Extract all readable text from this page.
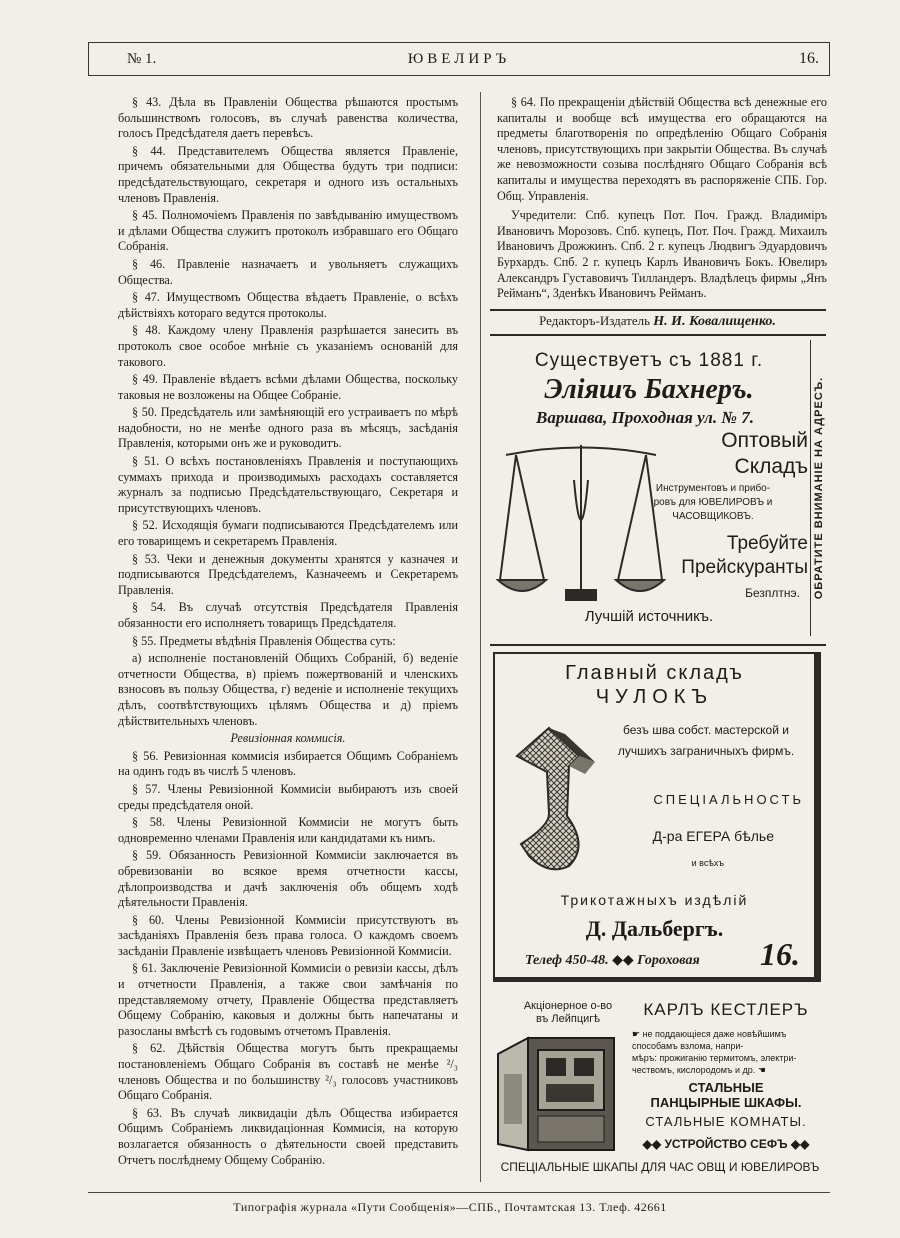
№ 1.	ЮВЕЛИРЪ	16.

§ 43. Дѣла въ Правленіи Общества рѣшаются простымъ большинствомъ голосовъ, въ случаѣ равенства количества, голосъ Предсѣдателя даетъ перевѣсъ.

§ 44. Представителемъ Общества является Правленіе, причемъ обязательными для Общества будутъ три подписи: предсѣдательствующаго, секретаря и одного изъ остальныхъ членовъ Правленія.

§ 45. Полномочіемъ Правленія по завѣдыванію имуществомъ и дѣлами Общества служитъ протоколъ избравшаго его Общаго Собранія.

§ 46. Правленіе назначаетъ и увольняетъ служащихъ Общества.

§ 47. Имуществомъ Общества вѣдаетъ Правленіе, о всѣхъ дѣйствіяхъ котораго ведутся протоколы.

§ 48. Каждому члену Правленія разрѣшается занесить въ протоколъ свое особое мнѣніе съ указаніемъ основаній для такового.

§ 49. Правленіе вѣдаетъ всѣми дѣлами Общества, поскольку таковыя не возложены на Общее Собраніе.

§ 50. Предсѣдатель или замѣняющій его устраиваетъ по мѣрѣ надобности, но не менѣе одного раза въ мѣсяцъ, засѣданія Правленія, которыми онъ же и руководитъ.

§ 51. О всѣхъ постановленіяхъ Правленія и поступающихъ суммахъ прихода и производимыхъ расходахъ составляется журналъ за подписью Предсѣдательствующаго, Секретаря и присутствующихъ членовъ.

§ 52. Исходящія бумаги подписываются Предсѣдателемъ или его товарищемъ и секретаремъ Правленія.

§ 53. Чеки и денежныя документы хранятся у казначея и подписываются Предсѣдателемъ, Казначеемъ и Секретаремъ Правленія.

§ 54. Въ случаѣ отсутствія Предсѣдателя Правленія обязанности его исполняетъ товарищъ Предсѣдателя.

§ 55. Предметы вѣдѣнія Правленія Общества суть:

а) исполненіе постановленій Общихъ Собраній, б) веденіе отчетности Общества, в) пріемъ пожертвованій и членскихъ взносовъ въ пользу Общества, г) веденіе и исполненіе текущихъ дѣлъ, соотвѣтствующихъ цѣлямъ Общества и д) пріемъ дѣйствительныхъ членовъ.

Ревизіонная коммисія.

§ 56. Ревизіонная коммисія избирается Общимъ Собраніемъ на одинъ годъ въ числѣ 5 членовъ.

§ 57. Члены Ревизіонной Коммисіи выбираютъ изъ своей среды предсѣдателя оной.

§ 58. Члены Ревизіонной Коммисіи не могутъ быть одновременно членами Правленія или кандидатами къ нимъ.

§ 59. Обязанность Ревизіонной Коммисіи заключается въ обревизованіи во всякое время отчетности кассы, дѣлопроизводства и дачѣ заключенія объ общемъ ходѣ дѣятельности Правленія.

§ 60. Члены Ревизіонной Коммисіи присутствуютъ въ засѣданіяхъ Правленія безъ права голоса. О каждомъ своемъ засѣданіи Правленіе извѣщаетъ членовъ Ревизіонной Коммисіи.

§ 61. Заключеніе Ревизіонной Коммисіи о ревизіи кассы, дѣлъ и отчетности Правленія, а также свои замѣчанія по представляемому отчету, Правленіе Общества представляетъ Общему Собранію, каковыя и должны быть напечатаны и разосланы вмѣстѣ съ годовымъ отчетомъ Правленія.

§ 62. Дѣйствія Общества могутъ быть прекращаемы постановленіемъ Общаго Собранія въ составѣ не менѣе ²/₃ членовъ Общества и по большинству ²/₃ голосовъ участниковъ Общаго Собранія.

§ 63. Въ случаѣ ликвидаціи дѣлъ Общества избирается Общимъ Собраніемъ ликвидаціонная Коммисія, на которую возлагается обязанность о дѣятельности своей представить Отчетъ послѣднему Общему Собранію.

§ 64. По прекращеніи дѣйствій Общества всѣ денежные его капиталы и вообще всѣ имущества его обращаются на предметы благотворенія по опредѣленію Общаго Собранія членовъ, присутствующихъ при закрытіи Общества. Въ случаѣ же невозможности созыва послѣдняго Общаго Собранія всѣ капиталы и имущества переходятъ въ распоряженіе СПБ. Гор. Общ. Управленія.

Учредители: Спб. купецъ Пот. Поч. Гражд. Владиміръ Ивановичъ Морозовъ. Спб. купецъ, Пот. Поч. Гражд. Михаилъ Ивановичъ Дрожжинъ. Спб. 2 г. купецъ Людвигъ Эдуардовичъ Бурхардъ. Спб. 2 г. купецъ Карлъ Ивановичъ Бокъ. Ювелиръ Александръ Густавовичъ Тилландеръ. Владѣлецъ фирмы „Янъ Рейманъ“, Зденѣкъ Ивановичъ Рейманъ.

Редакторъ-Издатель Н. И. Ковалищенко.
Существуетъ съ 1881 г.
Эліяшъ Бахнеръ.
Варшава, Проходная ул. № 7.
Оптовый
Складъ
Инструментовъ и прибо-
ровъ для ЮВЕЛИРОВЪ и
ЧАСОВЩИКОВЪ.
Требуйте
Прейскуранты
Безплтнэ.
Лучшій источникъ.
ОБРАТИТЕ ВНИМАНІЕ НА АДРЕСЪ.
Главный складъ
ЧУЛОКЪ
безъ шва собст. мастерской и
лучшихъ заграничныхъ фирмъ.
СПЕЦІАЛЬНОСТЬ
Д-ра ЕГЕРА бѣлье
и всѣхъ
Трикотажныхъ издѣлій
Д. Дальбергъ.
Телеф 450-48. ◆◆ Гороховая 16.
Акціонерное о-во
въ Лейпцигѣ	КАРЛЪ КЕСТЛЕРЪ
☛ не поддающіеся даже новѣйшимъ
способамъ взлома, напри-
мѣръ: прожиганію термитомъ, электри-
чествомъ, кислородомъ и др. ☚
СТАЛЬНЫЕ
ПАНЦЫРНЫЕ ШКАФЫ.
СТАЛЬНЫЕ КОМНАТЫ.
◆◆ УСТРОЙСТВО СЕФЪ ◆◆
СПЕЦІАЛЬНЫЕ ШКАПЫ ДЛЯ ЧАС ОВЩ И ЮВЕЛИРОВЪ
Типографія журнала «Пути Сообщенія»—СПБ., Почтамтская 13. Тлеф. 42661
